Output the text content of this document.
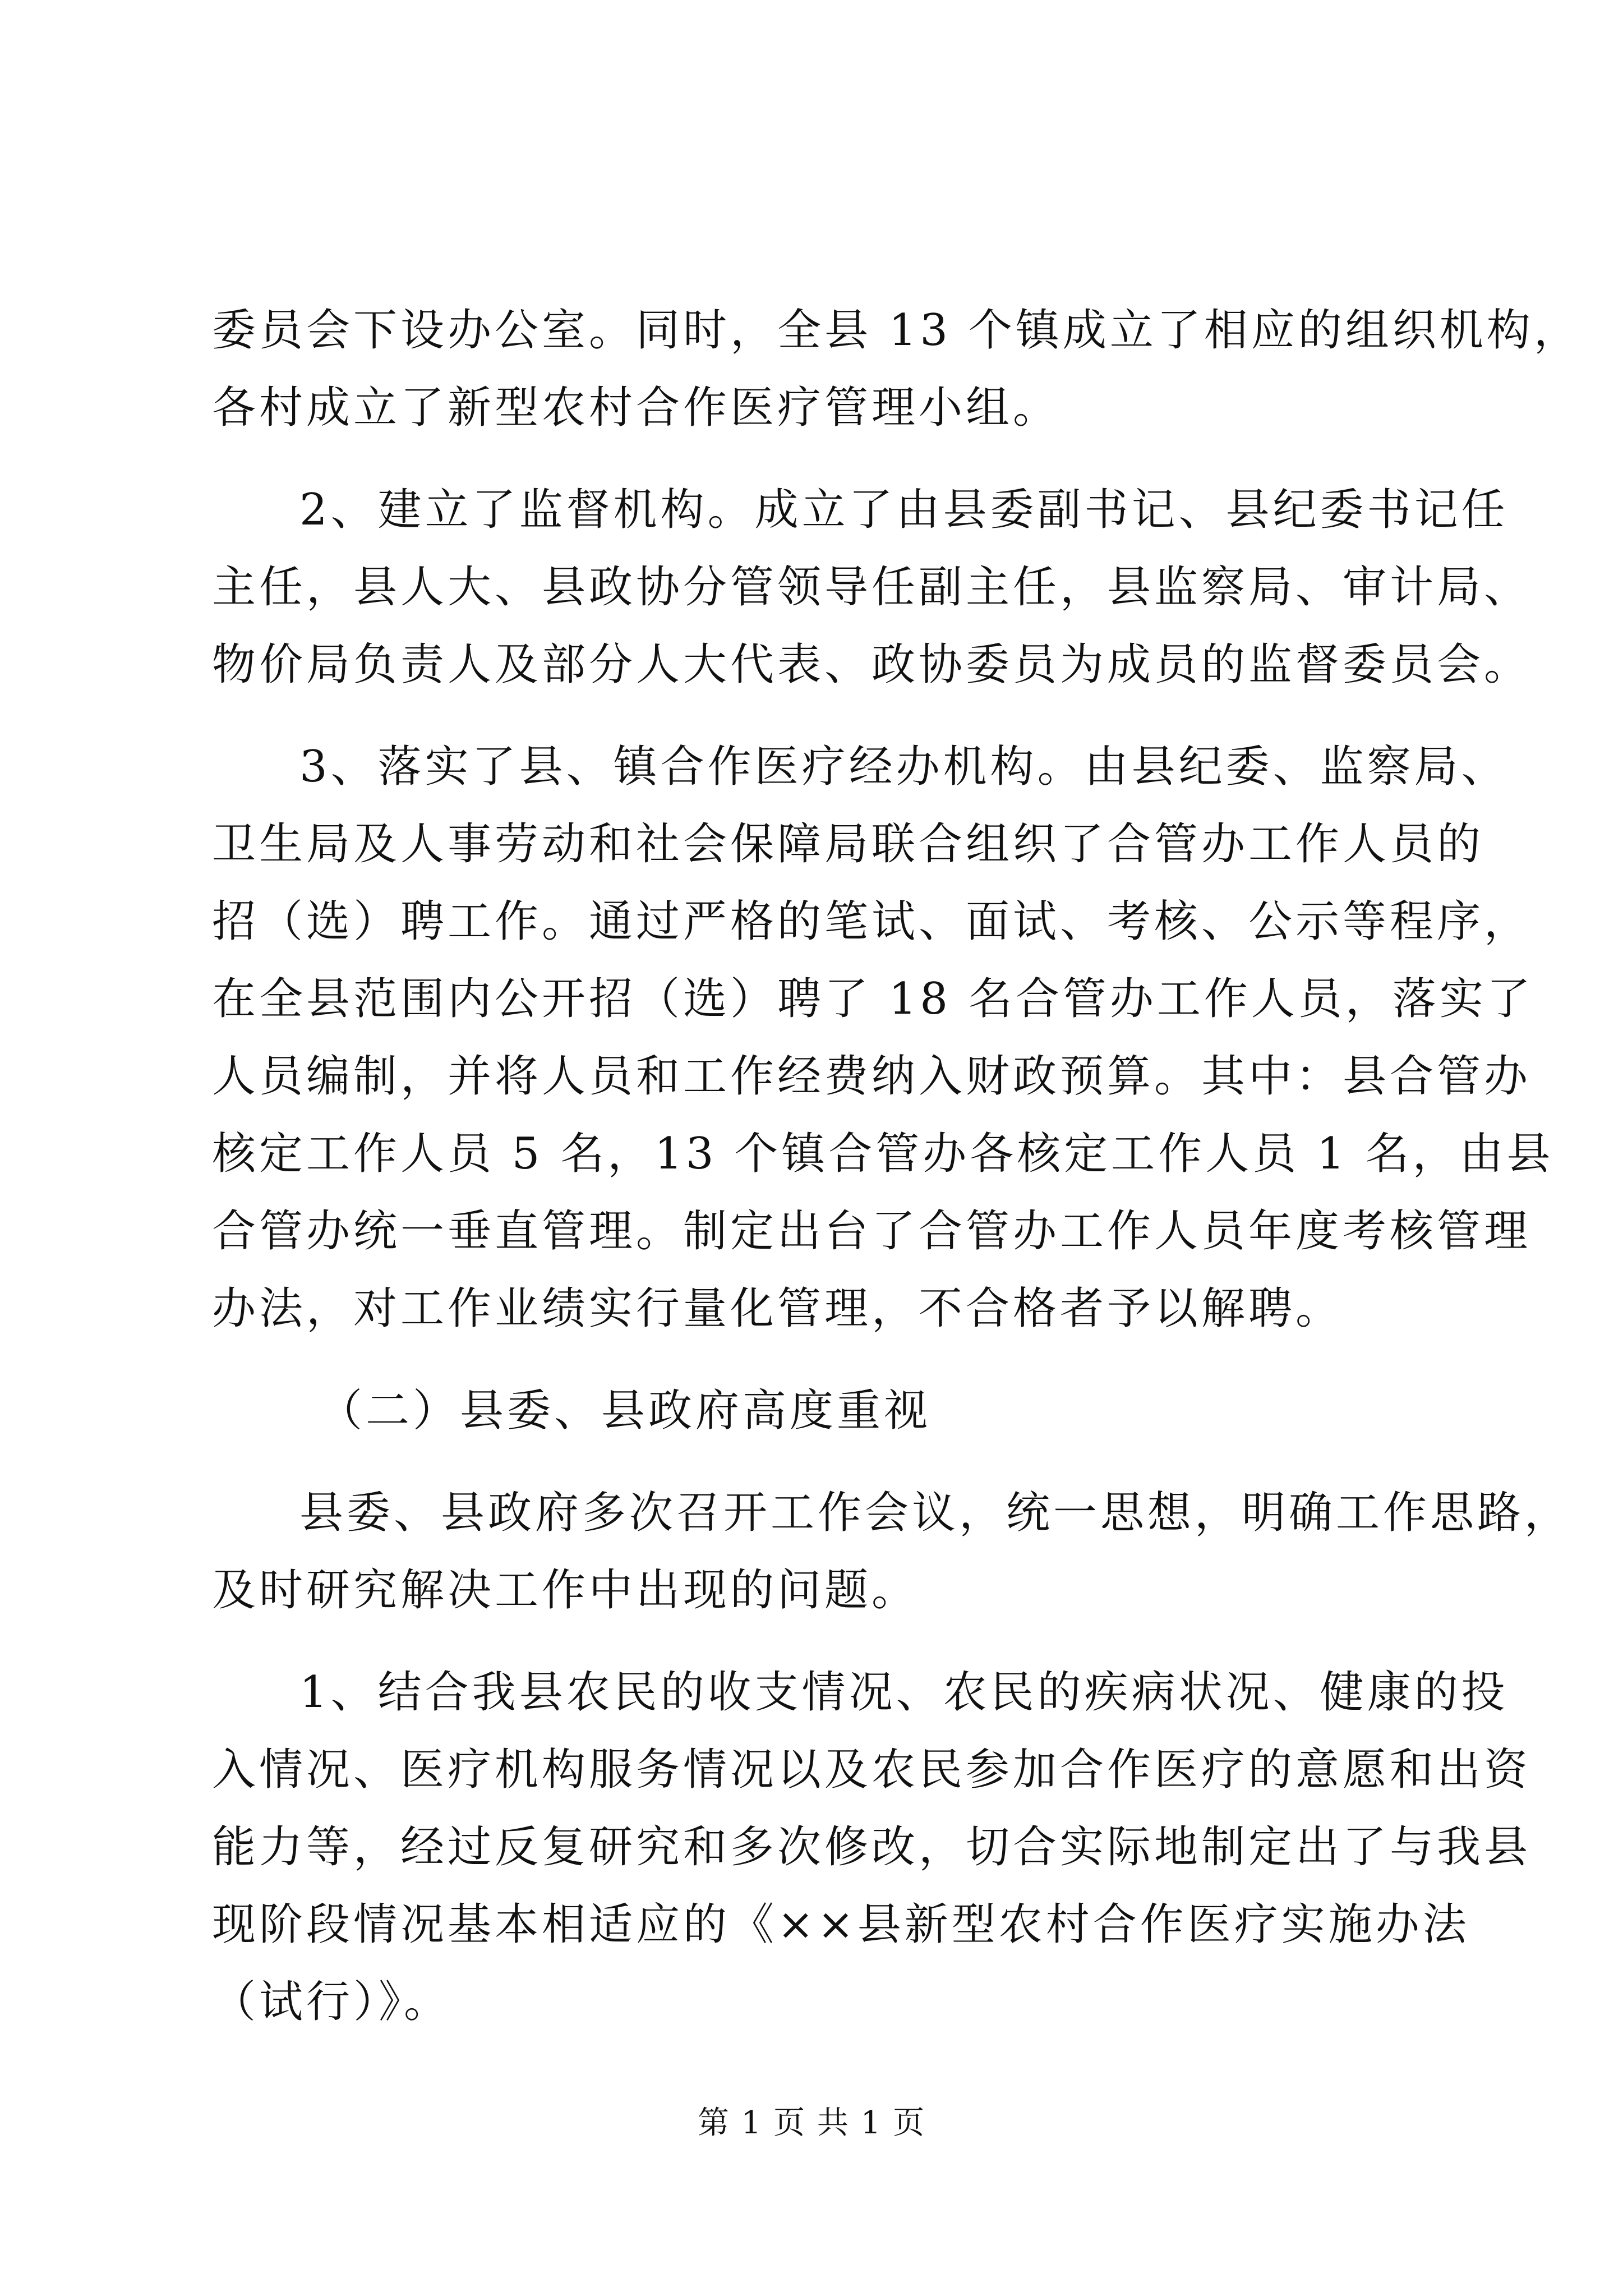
委员会下设办公室。同时，全县 13 个镇成立了相应的组织机构，
各村成立了新型农村合作医疗管理小组。
2、建立了监督机构。成立了由县委副书记、县纪委书记任
主任，县人大、县政协分管领导任副主任，县监察局、审计局、
物价局负责人及部分人大代表、政协委员为成员的监督委员会。
3、落实了县、镇合作医疗经办机构。由县纪委、监察局、
卫生局及人事劳动和社会保障局联合组织了合管办工作人员的
招（选）聘工作。通过严格的笔试、面试、考核、公示等程序，
在全县范围内公开招（选）聘了 18 名合管办工作人员，落实了
人员编制，并将人员和工作经费纳入财政预算。其中：县合管办
核定工作人员 5 名，13 个镇合管办各核定工作人员 1 名，由县
合管办统一垂直管理。制定出台了合管办工作人员年度考核管理
办法，对工作业绩实行量化管理，不合格者予以解聘。
（二）县委、县政府高度重视
县委、县政府多次召开工作会议，统一思想，明确工作思路，
及时研究解决工作中出现的问题。
1、结合我县农民的收支情况、农民的疾病状况、健康的投
入情况、医疗机构服务情况以及农民参加合作医疗的意愿和出资
能力等，经过反复研究和多次修改，切合实际地制定出了与我县
现阶段情况基本相适应的《××县新型农村合作医疗实施办法
（试行）》。
第 1 页 共 1 页
